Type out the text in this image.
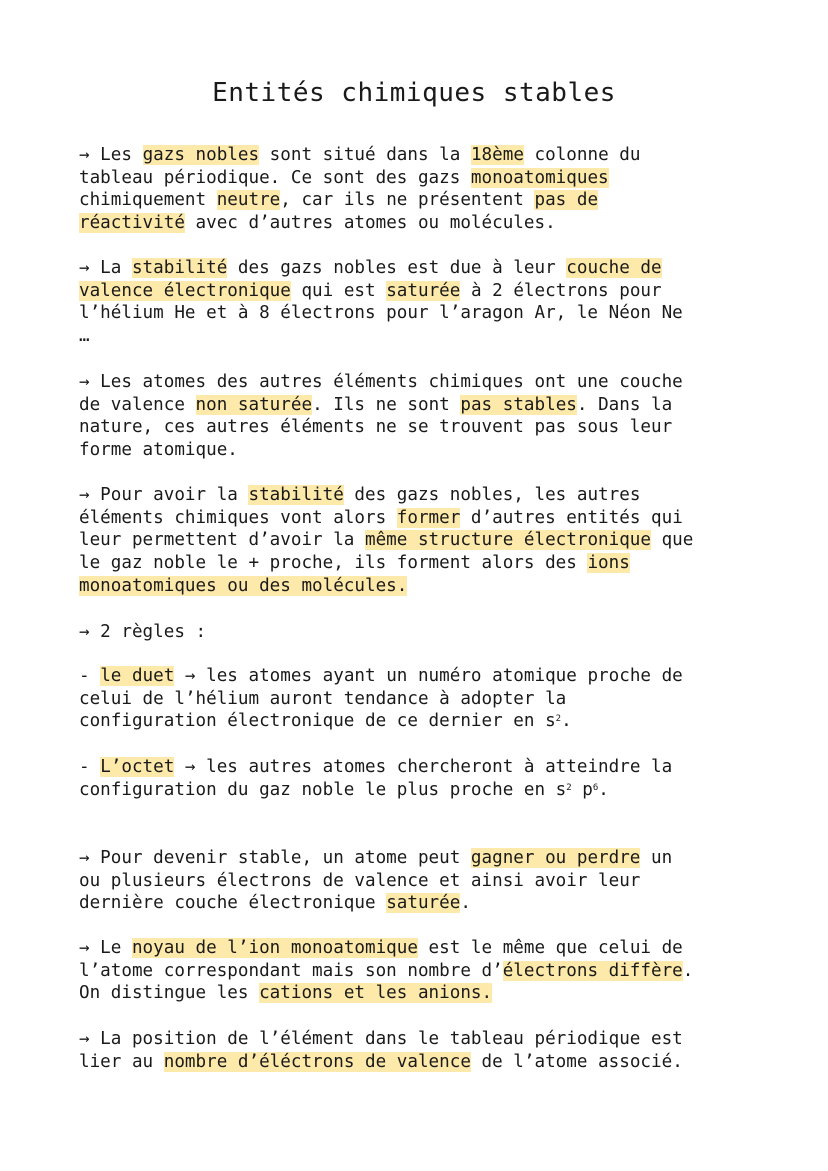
Entités chimiques stables
→ Les gazs nobles sont situé dans la 18ème colonne du
tableau périodique. Ce sont des gazs monoatomiques
chimiquement neutre, car ils ne présentent pas de
réactivité avec d’autres atomes ou molécules.
→ La stabilité des gazs nobles est due à leur couche de
valence électronique qui est saturée à 2 électrons pour
l’hélium He et à 8 électrons pour l’aragon Ar, le Néon Ne
…
→ Les atomes des autres éléments chimiques ont une couche
de valence non saturée. Ils ne sont pas stables. Dans la
nature, ces autres éléments ne se trouvent pas sous leur
forme atomique.
→ Pour avoir la stabilité des gazs nobles, les autres
éléments chimiques vont alors former d’autres entités qui
leur permettent d’avoir la même structure électronique que
le gaz noble le + proche, ils forment alors des ions
monoatomiques ou des molécules.
→ 2 règles :
- le duet → les atomes ayant un numéro atomique proche de
celui de l’hélium auront tendance à adopter la
configuration électronique de ce dernier en $s^2$.
- L’octet → les autres atomes chercheront à atteindre la
configuration du gaz noble le plus proche en $s^2$ $p^6$.
→ Pour devenir stable, un atome peut gagner ou perdre un
ou plusieurs électrons de valence et ainsi avoir leur
dernière couche électronique saturée.
→ Le noyau de l’ion monoatomique est le même que celui de
l’atome correspondant mais son nombre d’électrons diffère.
On distingue les cations et les anions.
→ La position de l’élément dans le tableau périodique est
lier au nombre d’éléctrons de valence de l’atome associé.
